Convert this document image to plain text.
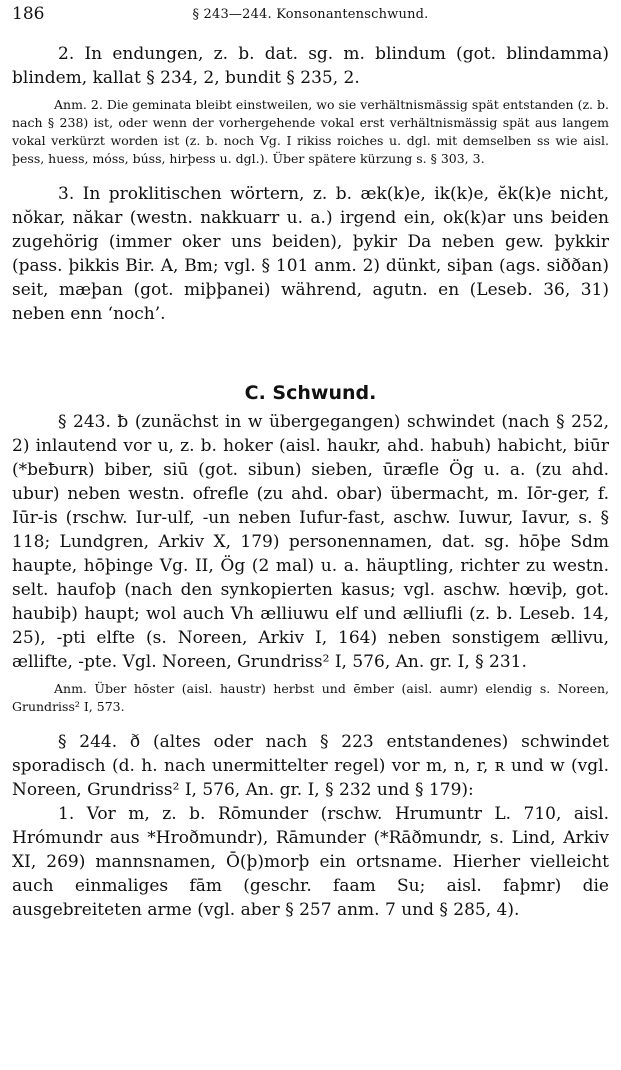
186	§ 243—244. Konsonantenschwund.

2. In endungen, z. b. dat. sg. m. blindum (got. blindamma) blindem, kallat § 234, 2, bundit § 235, 2.

Anm. 2. Die geminata bleibt einstweilen, wo sie verhältnismässig spät entstanden (z. b. nach § 238) ist, oder wenn der vorhergehende vokal erst verhältnismässig spät aus langem vokal verkürzt worden ist (z. b. noch Vg. I rikiss roiches u. dgl. mit demselben ss wie aisl. þess, huess, móss, búss, hirþess u. dgl.). Über spätere kürzung s. § 303, 3.

3. In proklitischen wörtern, z. b. æk(k)e, ik(k)e, ĕk(k)e nicht, nŏkar, năkar (westn. nakkuarr u. a.) irgend ein, ok(k)ar uns beiden zugehörig (immer oker uns beiden), þykir Da neben gew. þykkir (pass. þikkis Bir. A, Bm; vgl. § 101 anm. 2) dünkt, siþan (ags. siððan) seit, mæþan (got. miþþanei) während, agutn. en (Leseb. 36, 31) neben enn ‘noch’.

C. Schwund.

§ 243. ƀ (zunächst in w übergegangen) schwindet (nach § 252, 2) inlautend vor u, z. b. hoker (aisl. haukr, ahd. habuh) habicht, biūr (*beƀurʀ) biber, siū (got. sibun) sieben, ūræfle Ög u. a. (zu ahd. ubur) neben westn. ofrefle (zu ahd. obar) übermacht, m. Iōr-ger, f. Iūr-is (rschw. Iur-ulf, -un neben Iufur-fast, aschw. Iuwur, Iavur, s. § 118; Lundgren, Arkiv X, 179) personennamen, dat. sg. hōþe Sdm haupte, hōþinge Vg. II, Ög (2 mal) u. a. häuptling, richter zu westn. selt. haufoþ (nach den synkopierten kasus; vgl. aschw. hœviþ, got. haubiþ) haupt; wol auch Vh ælliuwu elf und ælliufli (z. b. Leseb. 14, 25), -pti elfte (s. Noreen, Arkiv I, 164) neben sonstigem ællivu, ællifte, -pte. Vgl. Noreen, Grundriss² I, 576, An. gr. I, § 231.

Anm. Über hōster (aisl. haustr) herbst und ēmber (aisl. aumr) elendig s. Noreen, Grundriss² I, 573.

§ 244. ð (altes oder nach § 223 entstandenes) schwindet sporadisch (d. h. nach unermittelter regel) vor m, n, r, ʀ und w (vgl. Noreen, Grundriss² I, 576, An. gr. I, § 232 und § 179):

1. Vor m, z. b. Rōmunder (rschw. Hrumuntr L. 710, aisl. Hrómundr aus *Hroðmundr), Rāmunder (*Rāðmundr, s. Lind, Arkiv XI, 269) mannsnamen, Ō(þ)morþ ein ortsname. Hierher vielleicht auch einmaliges fām (geschr. faam Su; aisl. faþmr) die ausgebreiteten arme (vgl. aber § 257 anm. 7 und § 285, 4).
